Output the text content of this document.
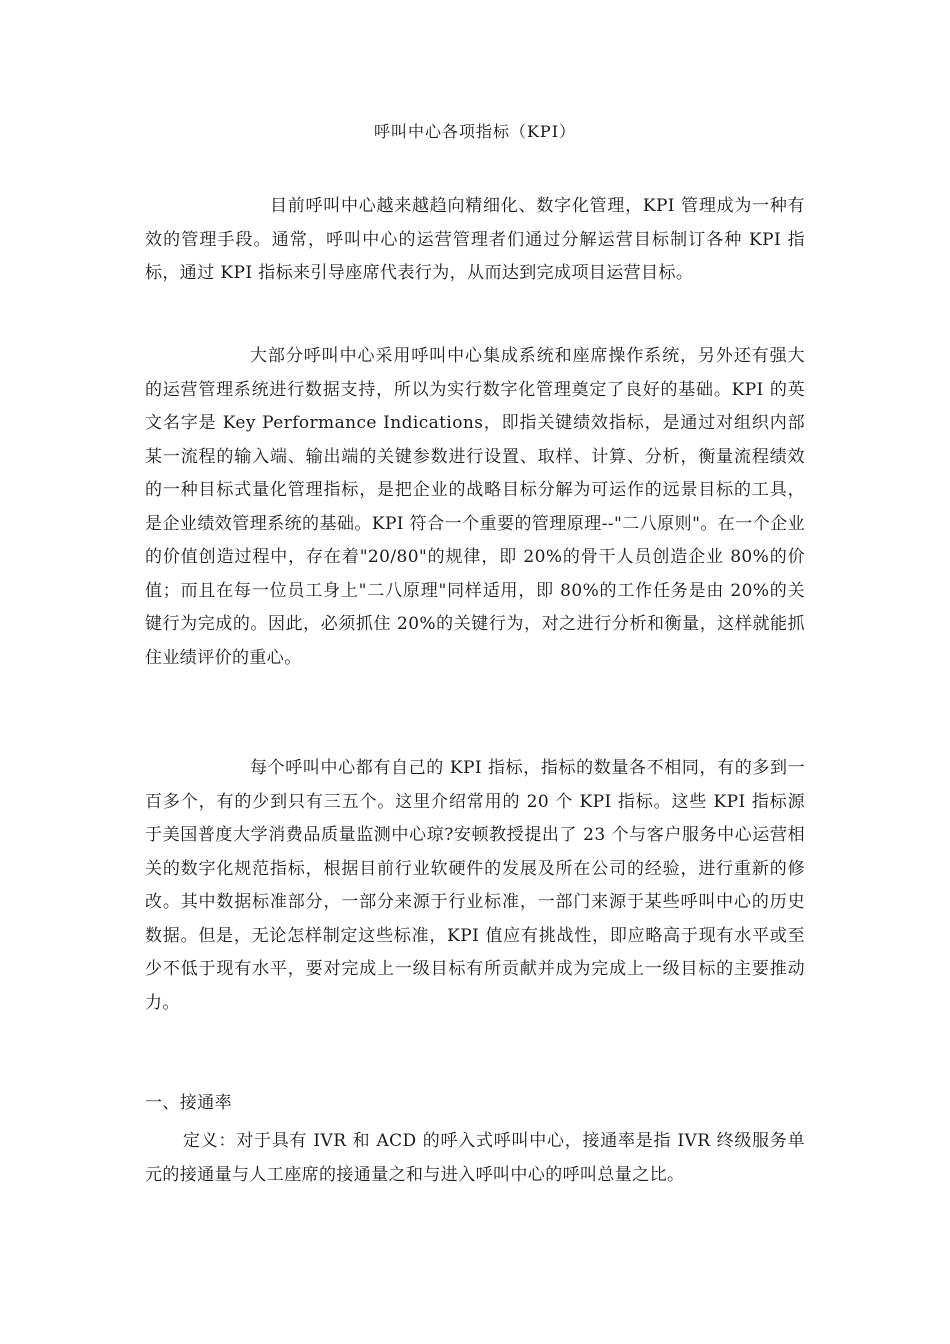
呼叫中心各项指标（KPI）

目前呼叫中心越来越趋向精细化、数字化管理，KPI 管理成为一种有效的管理手段。通常，呼叫中心的运营管理者们通过分解运营目标制订各种 KPI 指标，通过 KPI 指标来引导座席代表行为，从而达到完成项目运营目标。

大部分呼叫中心采用呼叫中心集成系统和座席操作系统，另外还有强大的运营管理系统进行数据支持，所以为实行数字化管理奠定了良好的基础。KPI 的英文名字是 Key Performance Indications，即指关键绩效指标，是通过对组织内部某一流程的输入端、输出端的关键参数进行设置、取样、计算、分析，衡量流程绩效的一种目标式量化管理指标，是把企业的战略目标分解为可运作的远景目标的工具，是企业绩效管理系统的基础。KPI 符合一个重要的管理原理--"二八原则"。在一个企业的价值创造过程中，存在着"20/80"的规律，即 20%的骨干人员创造企业 80%的价值；而且在每一位员工身上"二八原理"同样适用，即 80%的工作任务是由 20%的关键行为完成的。因此，必须抓住 20%的关键行为，对之进行分析和衡量，这样就能抓住业绩评价的重心。

每个呼叫中心都有自己的 KPI 指标，指标的数量各不相同，有的多到一百多个，有的少到只有三五个。这里介绍常用的 20 个 KPI 指标。这些 KPI 指标源于美国普度大学消费品质量监测中心琼?安顿教授提出了 23 个与客户服务中心运营相关的数字化规范指标，根据目前行业软硬件的发展及所在公司的经验，进行重新的修改。其中数据标准部分，一部分来源于行业标准，一部门来源于某些呼叫中心的历史数据。但是，无论怎样制定这些标准，KPI 值应有挑战性，即应略高于现有水平或至少不低于现有水平，要对完成上一级目标有所贡献并成为完成上一级目标的主要推动力。

一、接通率

定义：对于具有 IVR 和 ACD 的呼入式呼叫中心，接通率是指 IVR 终级服务单元的接通量与人工座席的接通量之和与进入呼叫中心的呼叫总量之比。
